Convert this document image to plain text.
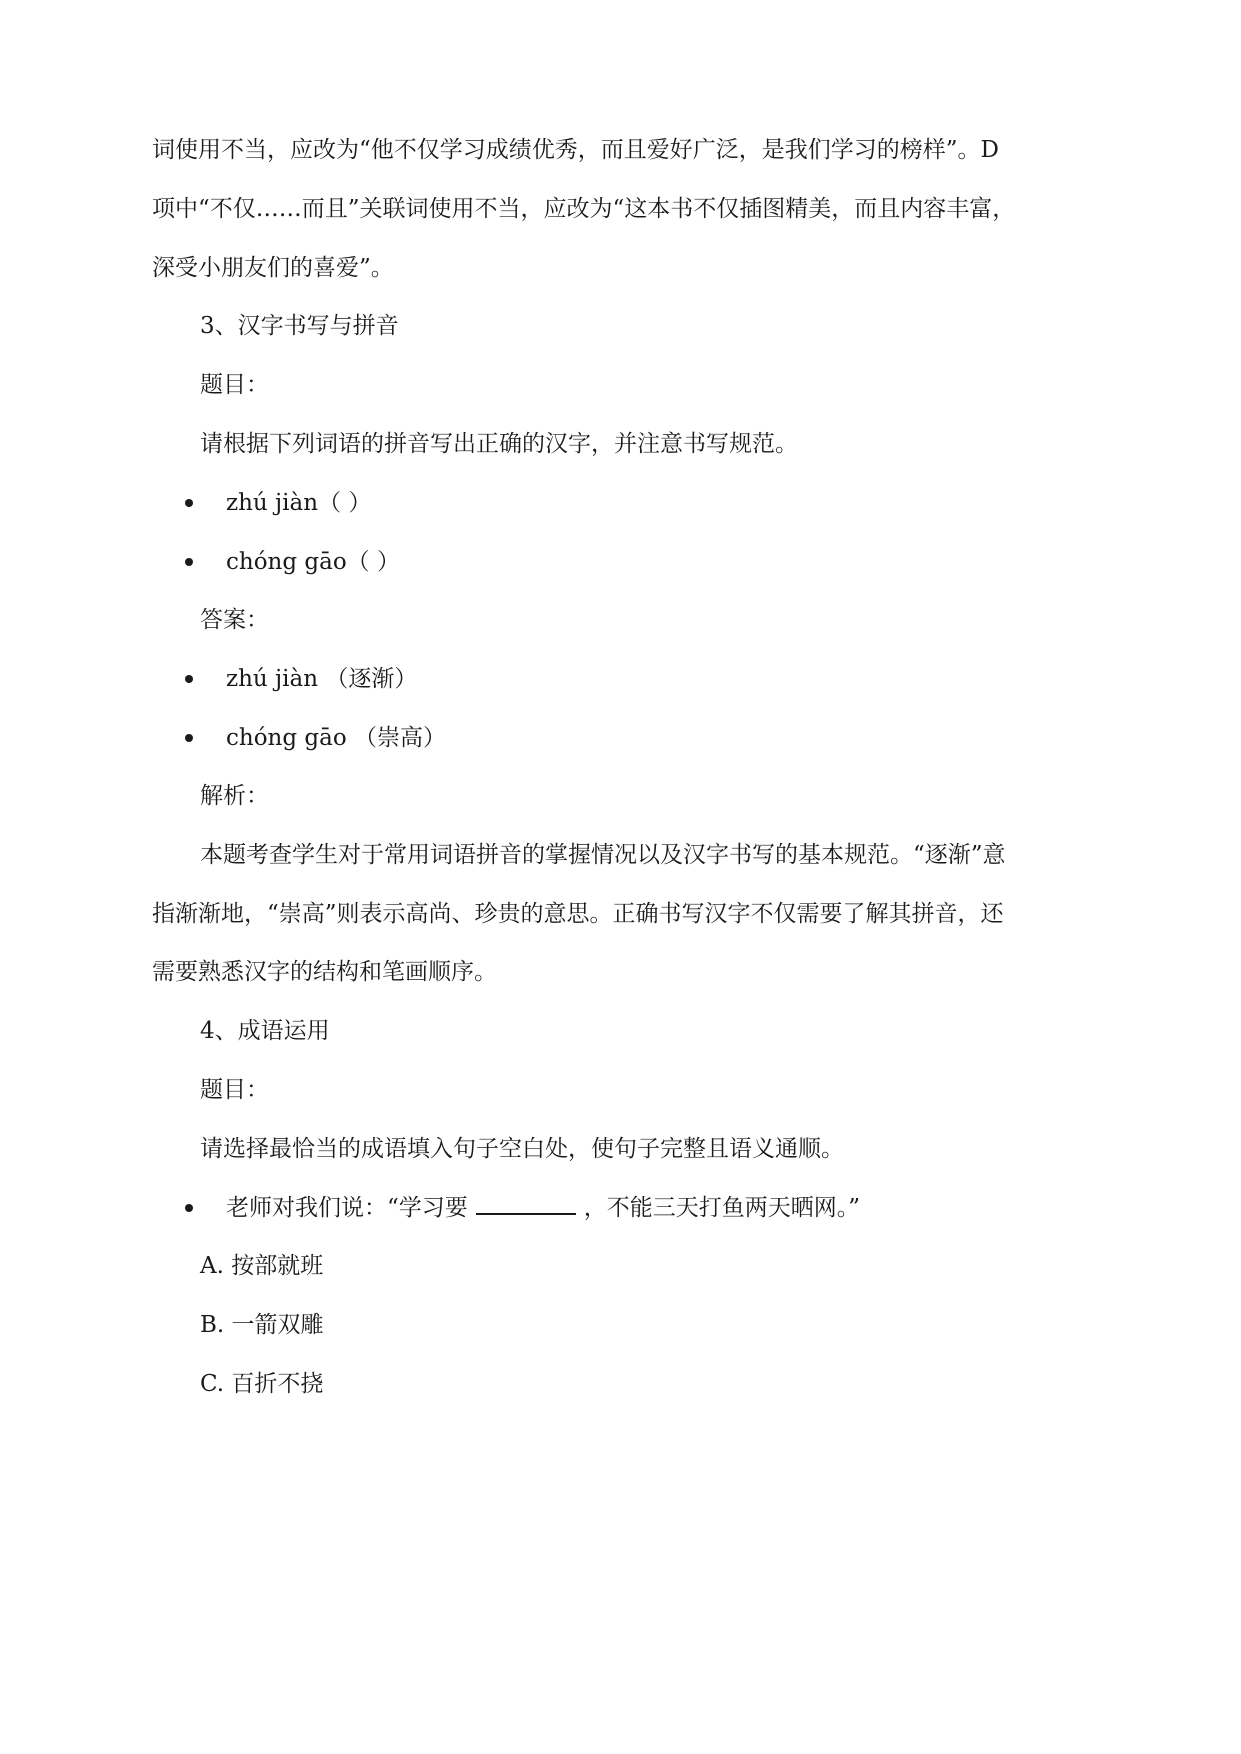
词使用不当，应改为“他不仅学习成绩优秀，而且爱好广泛，是我们学习的榜样”。D
项中“不仅……而且”关联词使用不当，应改为“这本书不仅插图精美，而且内容丰富，
深受小朋友们的喜爱”。
3、汉字书写与拼音
题目：
请根据下列词语的拼音写出正确的汉字，并注意书写规范。
zhú jiàn（ ）
chóng gāo（ ）
答案：
zhú jiàn （逐渐）
chóng gāo （崇高）
解析：
本题考查学生对于常用词语拼音的掌握情况以及汉字书写的基本规范。“逐渐”意
指渐渐地，“崇高”则表示高尚、珍贵的意思。正确书写汉字不仅需要了解其拼音，还
需要熟悉汉字的结构和笔画顺序。
4、成语运用
题目：
请选择最恰当的成语填入句子空白处，使句子完整且语义通顺。
老师对我们说：“学习要	，不能三天打鱼两天晒网。”
A. 按部就班
B. 一箭双雕
C. 百折不挠
